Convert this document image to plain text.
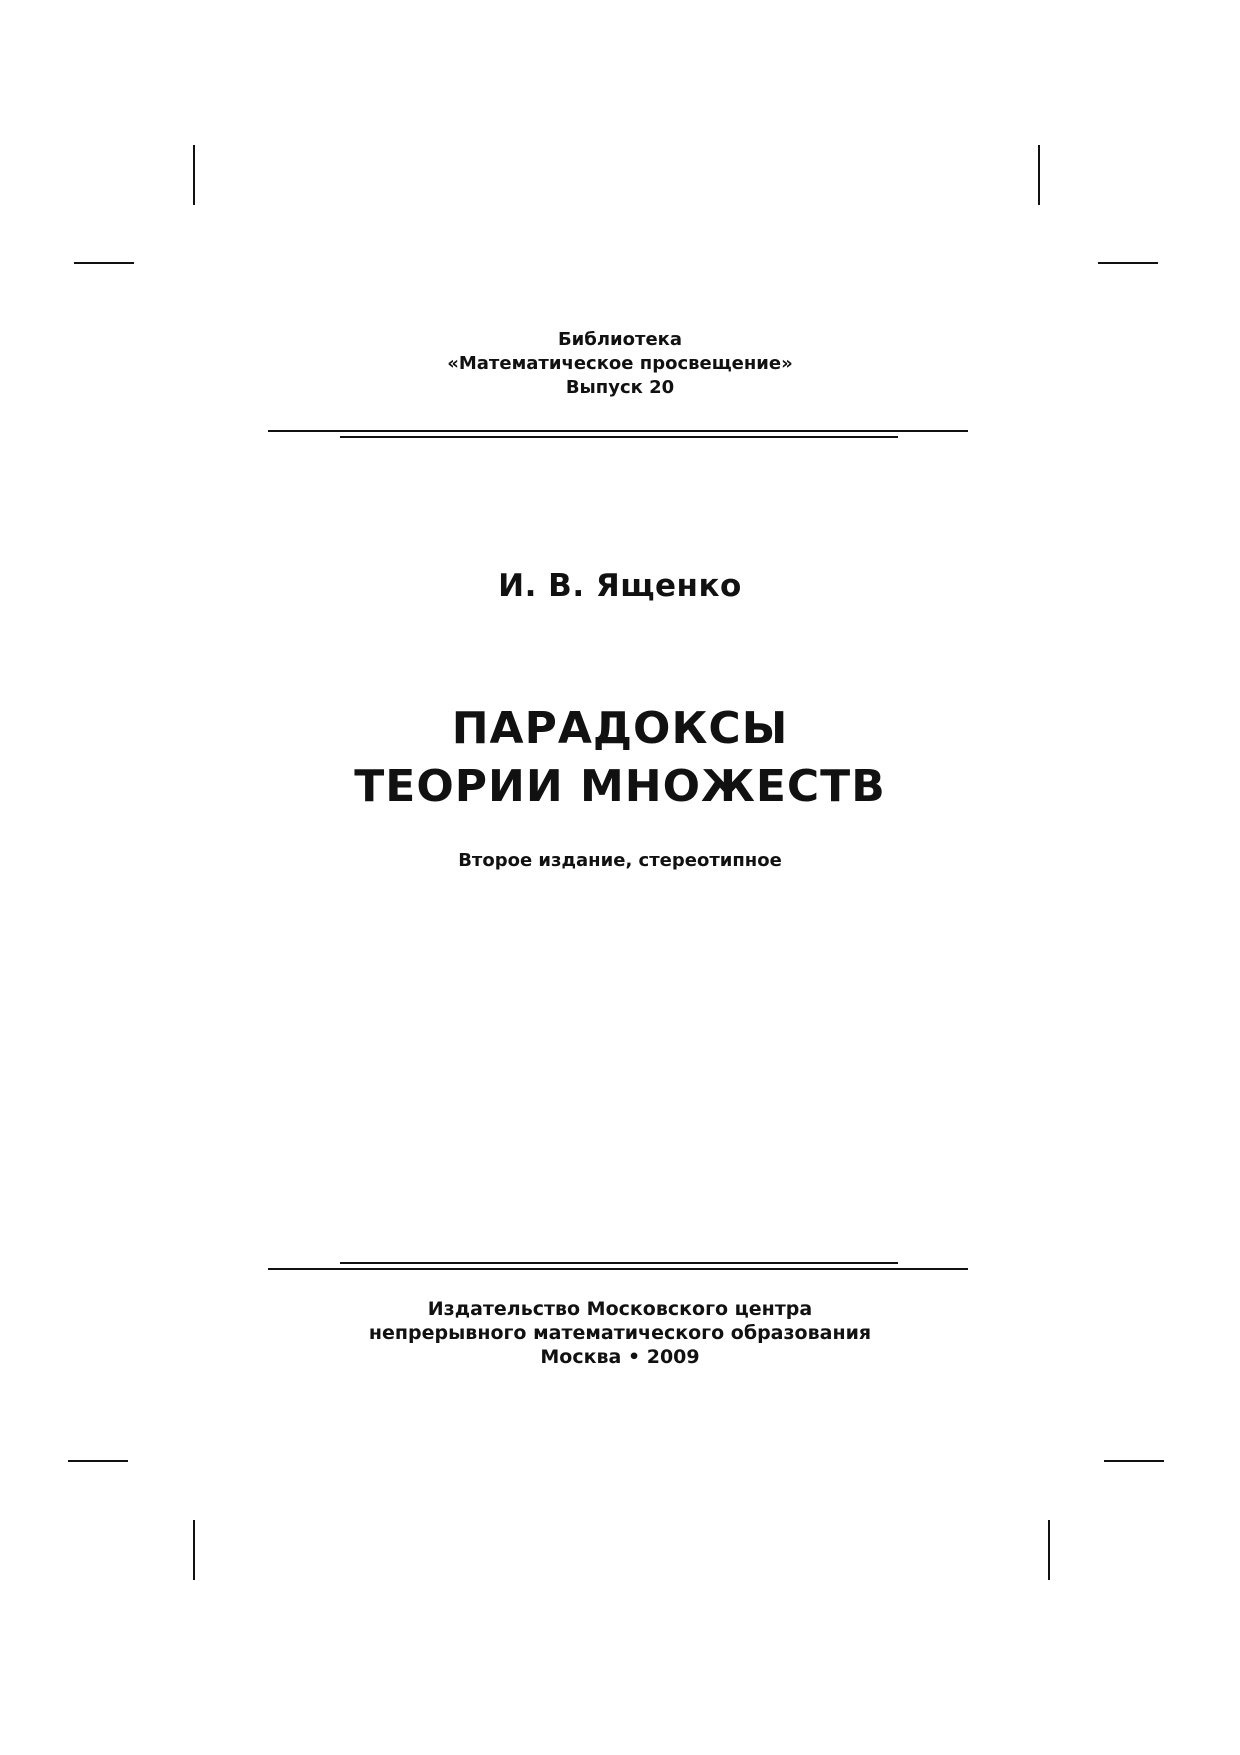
Библиотека
«Математическое просвещение»
Выпуск 20
И. В. Ященко
ПАРАДОКСЫ
ТЕОРИИ МНОЖЕСТВ
Второе издание, стереотипное
Издательство Московского центра
непрерывного математического образования
Москва • 2009
